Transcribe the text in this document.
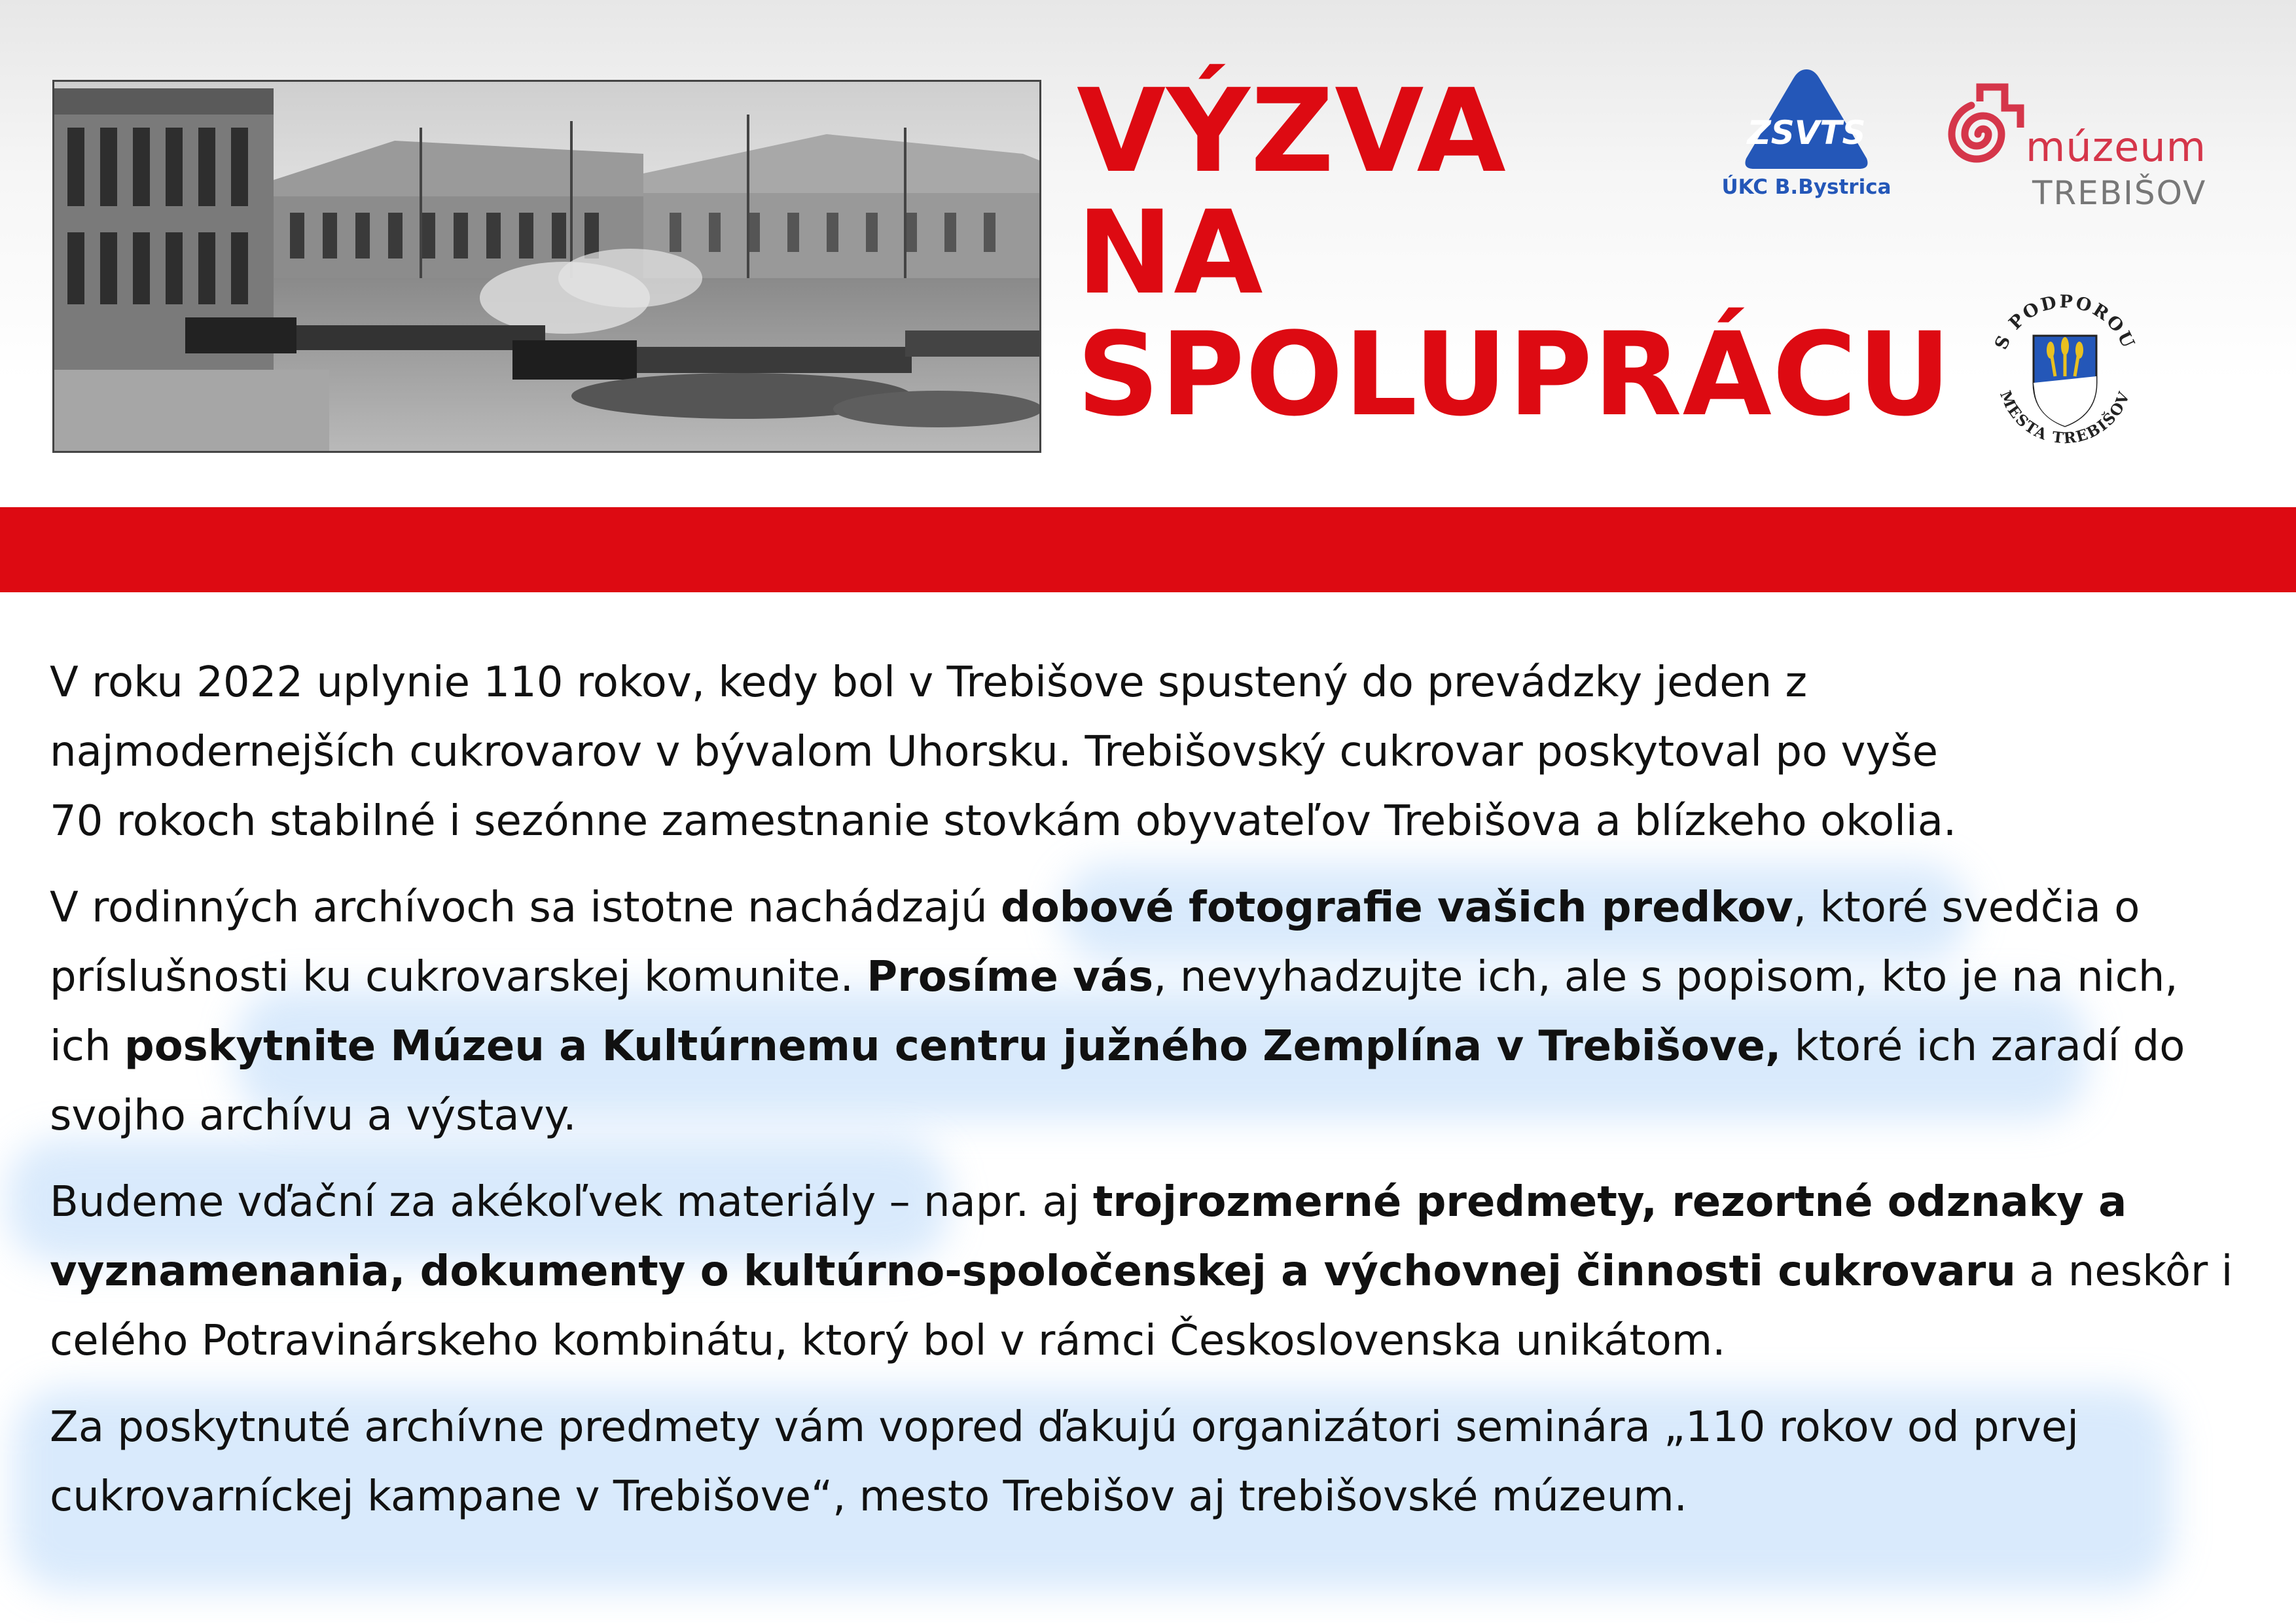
VÝZVA
NA
SPOLUPRÁCU
ZSVTS
ÚKC B.Bystrica
múzeum
TREBIŠOV
S PODPOROU
MESTA TREBIŠOV

V roku 2022 uplynie 110 rokov, kedy bol v Trebišove spustený do prevádzky jeden z
najmodernejších cukrovarov v bývalom Uhorsku. Trebišovský cukrovar poskytoval po vyše
70 rokoch stabilné i sezónne zamestnanie stovkám obyvateľov Trebišova a blízkeho okolia.

V rodinných archívoch sa istotne nachádzajú dobové fotografie vašich predkov, ktoré svedčia o príslušnosti ku cukrovarskej komunite. Prosíme vás, nevyhadzujte ich, ale s popisom, kto je na nich, ich poskytnite Múzeu a Kultúrnemu centru južného Zemplína v Trebišove, ktoré ich zaradí do svojho archívu a výstavy.

Budeme vďační za akékoľvek materiály – napr. aj trojrozmerné predmety, rezortné odznaky a vyznamenania, dokumenty o kultúrno-spoločenskej a výchovnej činnosti cukrovaru a neskôr i celého Potravinárskeho kombinátu, ktorý bol v rámci Československa unikátom.

Za poskytnuté archívne predmety vám vopred ďakujú organizátori seminára „110 rokov od prvej cukrovarníckej kampane v Trebišove“, mesto Trebišov aj trebišovské múzeum.
